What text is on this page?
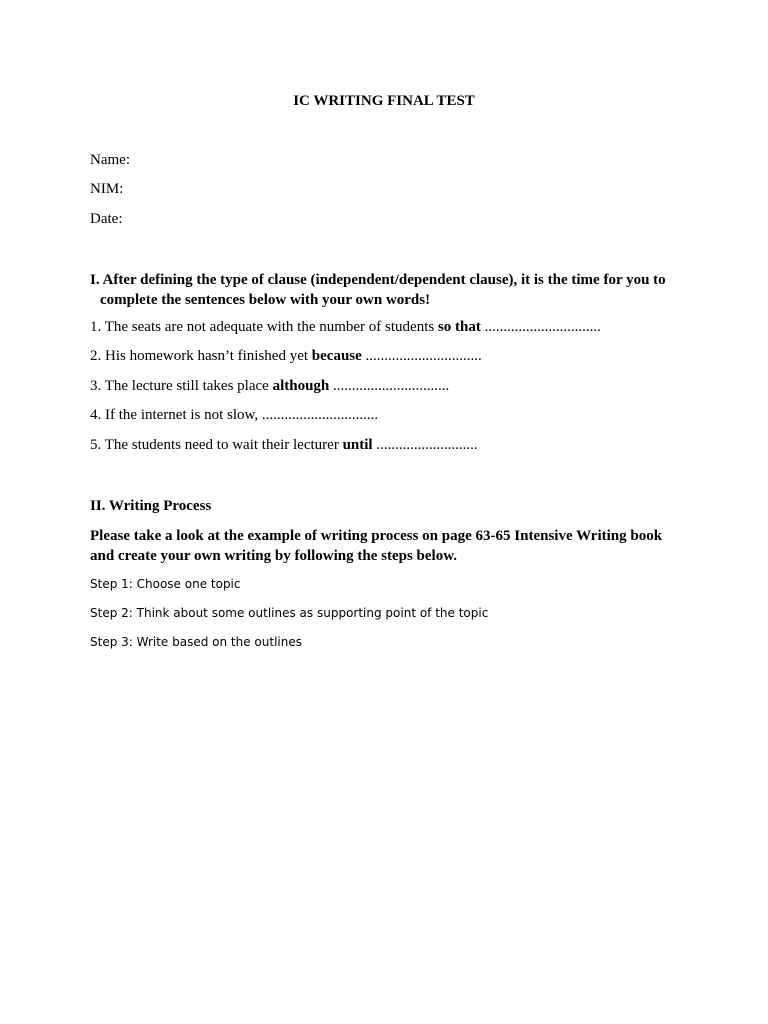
IC WRITING FINAL TEST
Name:
NIM:
Date:
I. After defining the type of clause (independent/dependent clause), it is the time for you to
complete the sentences below with your own words!
1. The seats are not adequate with the number of students so that ...............................
2. His homework hasn’t finished yet because ...............................
3. The lecture still takes place although ...............................
4. If the internet is not slow, ...............................
5. The students need to wait their lecturer until ...........................
II. Writing Process
Please take a look at the example of writing process on page 63-65 Intensive Writing book and create your own writing by following the steps below.
Step 1: Choose one topic
Step 2: Think about some outlines as supporting point of the topic
Step 3: Write based on the outlines
